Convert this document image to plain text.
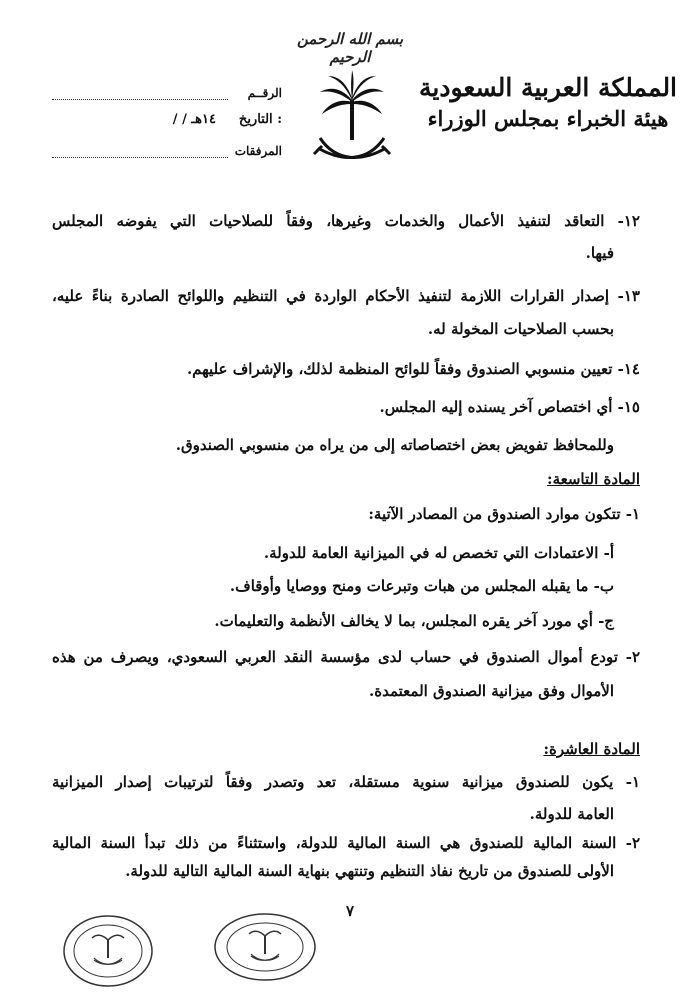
بسم الله الرحمن الرحيم
المملكة العربية السعودية
هيئة الخبراء بمجلس الوزراء
الرقــم
التاريخ :
/ / ١٤هـ
المرفقات
١٢- التعاقد لتنفيذ الأعمال والخدمات وغيرها، وفقاً للصلاحيات التي يفوضه المجلس
فيها.
١٣- إصدار القرارات اللازمة لتنفيذ الأحكام الواردة في التنظيم واللوائح الصادرة بناءً عليه،
بحسب الصلاحيات المخولة له.
١٤- تعيين منسوبي الصندوق وفقاً للوائح المنظمة لذلك، والإشراف عليهم.
١٥- أي اختصاص آخر يسنده إليه المجلس.
وللمحافظ تفويض بعض اختصاصاته إلى من يراه من منسوبي الصندوق.
المادة التاسعة:
١- تتكون موارد الصندوق من المصادر الآتية:
أ- الاعتمادات التي تخصص له في الميزانية العامة للدولة.
ب- ما يقبله المجلس من هبات وتبرعات ومنح ووصايا وأوقاف.
ج- أي مورد آخر يقره المجلس، بما لا يخالف الأنظمة والتعليمات.
٢- تودع أموال الصندوق في حساب لدى مؤسسة النقد العربي السعودي، ويصرف من هذه
الأموال وفق ميزانية الصندوق المعتمدة.
المادة العاشرة:
١- يكون للصندوق ميزانية سنوية مستقلة، تعد وتصدر وفقاً لترتيبات إصدار الميزانية
العامة للدولة.
٢- السنة المالية للصندوق هي السنة المالية للدولة، واستثناءً من ذلك تبدأ السنة المالية
الأولى للصندوق من تاريخ نفاذ التنظيم وتنتهي بنهاية السنة المالية التالية للدولة.
٧
